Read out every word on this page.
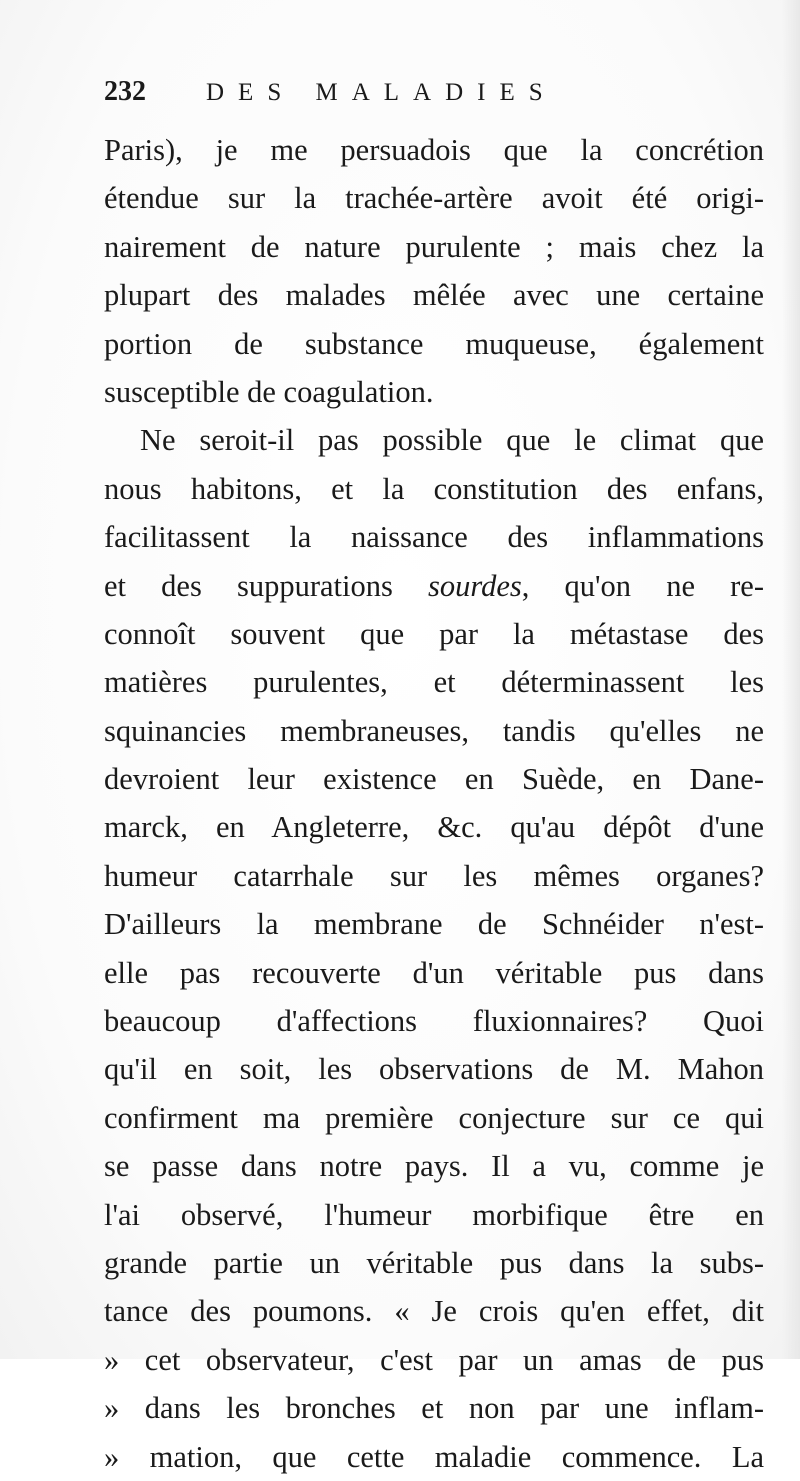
232 DES MALADIES
Paris), je me persuadois que la concrétion
étendue sur la trachée-artère avoit été origi-
nairement de nature purulente ; mais chez la
plupart des malades mêlée avec une certaine
portion de substance muqueuse, également
susceptible de coagulation.
Ne seroit-il pas possible que le climat que
nous habitons, et la constitution des enfans,
facilitassent la naissance des inflammations
et des suppurations sourdes, qu'on ne re-
connoît souvent que par la métastase des
matières purulentes, et déterminassent les
squinancies membraneuses, tandis qu'elles ne
devroient leur existence en Suède, en Dane-
marck, en Angleterre, &c. qu'au dépôt d'une
humeur catarrhale sur les mêmes organes?
D'ailleurs la membrane de Schnéider n'est-
elle pas recouverte d'un véritable pus dans
beaucoup d'affections fluxionnaires? Quoi
qu'il en soit, les observations de M. Mahon
confirment ma première conjecture sur ce qui
se passe dans notre pays. Il a vu, comme je
l'ai observé, l'humeur morbifique être en
grande partie un véritable pus dans la subs-
tance des poumons. « Je crois qu'en effet, dit
» cet observateur, c'est par un amas de pus
» dans les bronches et non par une inflam-
» mation, que cette maladie commence. La
